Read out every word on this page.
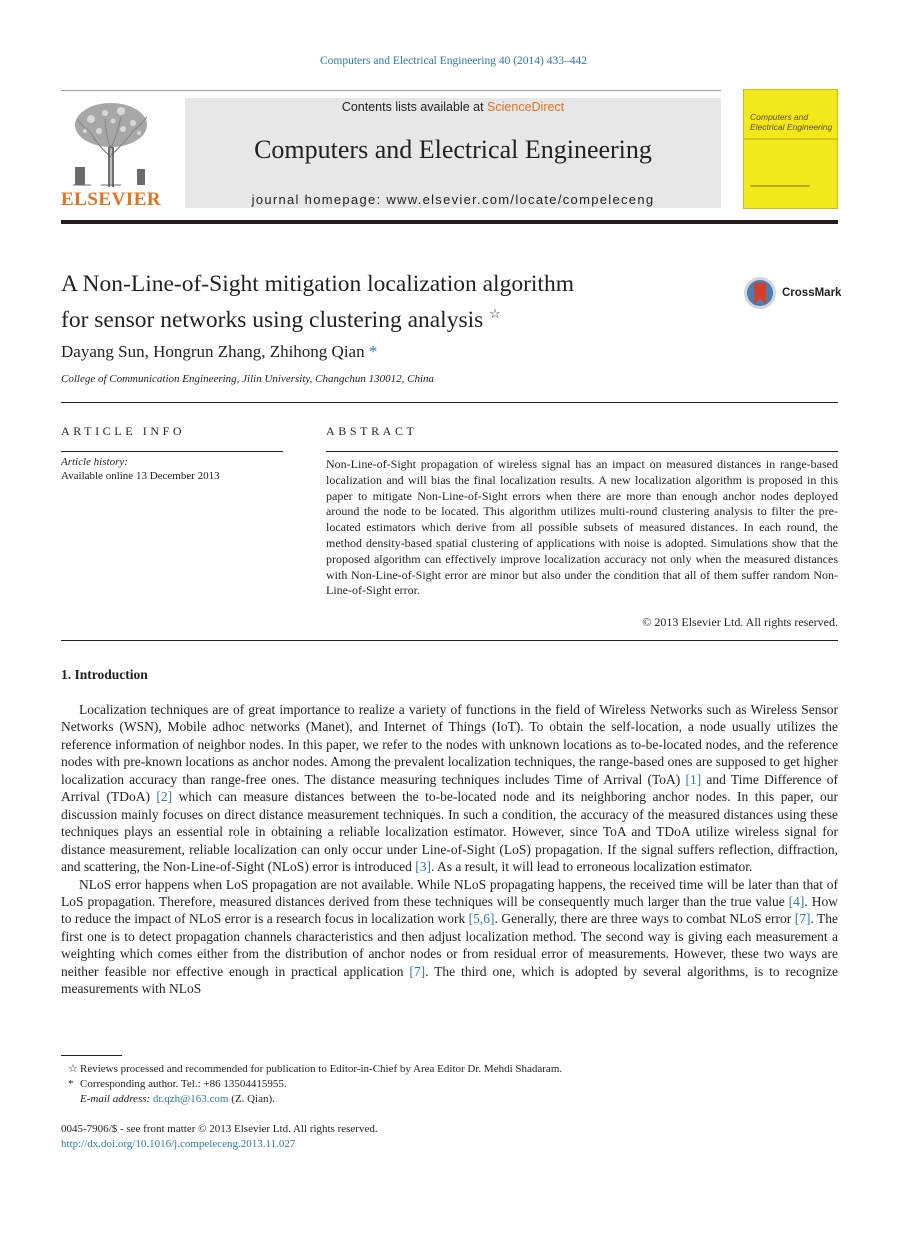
Computers and Electrical Engineering 40 (2014) 433–442
ELSEVIER
Contents lists available at ScienceDirect
Computers and Electrical Engineering
journal homepage: www.elsevier.com/locate/compeleceng
Computers and Electrical Engineering
A Non-Line-of-Sight mitigation localization algorithm
for sensor networks using clustering analysis ☆
CrossMark
Dayang Sun, Hongrun Zhang, Zhihong Qian *
College of Communication Engineering, Jilin University, Changchun 130012, China
ARTICLE INFO
Article history:
Available online 13 December 2013
ABSTRACT
Non-Line-of-Sight propagation of wireless signal has an impact on measured distances in range-based localization and will bias the final localization results. A new localization algorithm is proposed in this paper to mitigate Non-Line-of-Sight errors when there are more than enough anchor nodes deployed around the node to be located. This algorithm utilizes multi-round clustering analysis to filter the pre-located estimators which derive from all possible subsets of measured distances. In each round, the method density-based spatial clustering of applications with noise is adopted. Simulations show that the proposed algorithm can effectively improve localization accuracy not only when the measured distances with Non-Line-of-Sight error are minor but also under the condition that all of them suffer random Non-Line-of-Sight error.
© 2013 Elsevier Ltd. All rights reserved.
1. Introduction

Localization techniques are of great importance to realize a variety of functions in the field of Wireless Networks such as Wireless Sensor Networks (WSN), Mobile adhoc networks (Manet), and Internet of Things (IoT). To obtain the self-location, a node usually utilizes the reference information of neighbor nodes. In this paper, we refer to the nodes with unknown locations as to-be-located nodes, and the reference nodes with pre-known locations as anchor nodes. Among the prevalent localization techniques, the range-based ones are supposed to get higher localization accuracy than range-free ones. The distance measuring techniques includes Time of Arrival (ToA) [1] and Time Difference of Arrival (TDoA) [2] which can measure distances between the to-be-located node and its neighboring anchor nodes. In this paper, our discussion mainly focuses on direct distance measurement techniques. In such a condition, the accuracy of the measured distances using these techniques plays an essential role in obtaining a reliable localization estimator. However, since ToA and TDoA utilize wireless signal for distance measurement, reliable localization can only occur under Line-of-Sight (LoS) propagation. If the signal suffers reflection, diffraction, and scattering, the Non-Line-of-Sight (NLoS) error is introduced [3]. As a result, it will lead to erroneous localization estimator.

NLoS error happens when LoS propagation are not available. While NLoS propagating happens, the received time will be later than that of LoS propagation. Therefore, measured distances derived from these techniques will be consequently much larger than the true value [4]. How to reduce the impact of NLoS error is a research focus in localization work [5,6]. Generally, there are three ways to combat NLoS error [7]. The first one is to detect propagation channels characteristics and then adjust localization method. The second way is giving each measurement a weighting which comes either from the distribution of anchor nodes or from residual error of measurements. However, these two ways are neither feasible nor effective enough in practical application [7]. The third one, which is adopted by several algorithms, is to recognize measurements with NLoS

☆ Reviews processed and recommended for publication to Editor-in-Chief by Area Editor Dr. Mehdi Shadaram.
* Corresponding author. Tel.: +86 13504415955.
E-mail address: dr.qzh@163.com (Z. Qian).
0045-7906/$ - see front matter © 2013 Elsevier Ltd. All rights reserved.
http://dx.doi.org/10.1016/j.compeleceng.2013.11.027
